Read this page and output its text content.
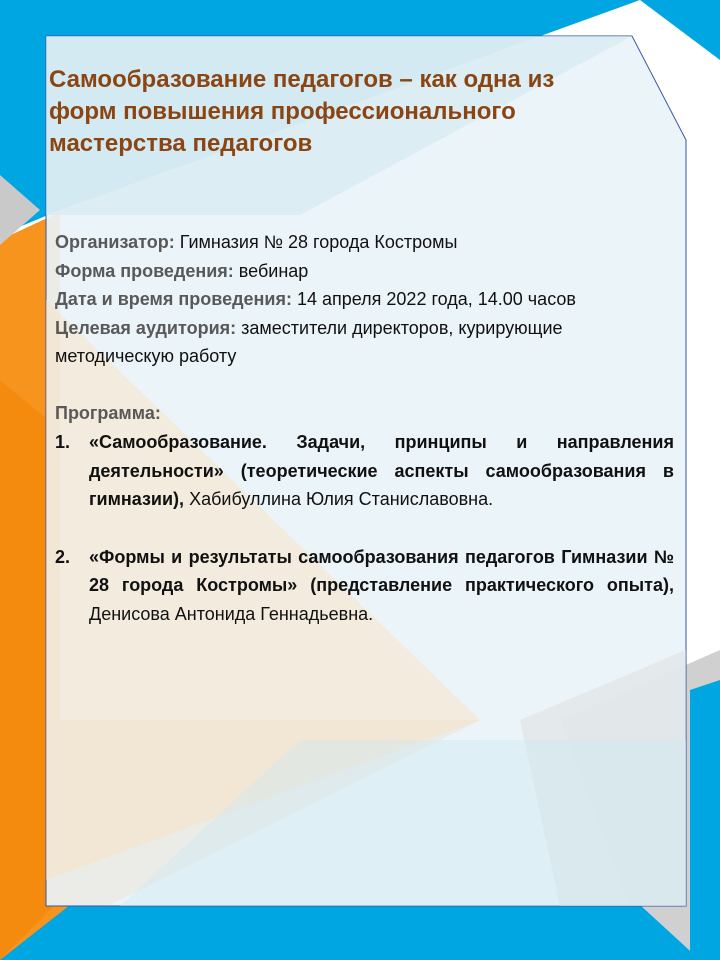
Самообразование педагогов – как одна из
форм повышения профессионального
мастерства педагогов
Организатор: Гимназия № 28 города Костромы
Форма проведения: вебинар
Дата и время проведения: 14 апреля 2022 года, 14.00 часов
Целевая аудитория: заместители директоров, курирующие
методическую работу
Программа:
1. «Самообразование. Задачи, принципы и направления деятельности» (теоретические аспекты самообразования в гимназии), Хабибуллина Юлия Станиславовна.
2. «Формы и результаты самообразования педагогов Гимназии № 28 города Костромы» (представление практического опыта), Денисова Антонида Геннадьевна.
